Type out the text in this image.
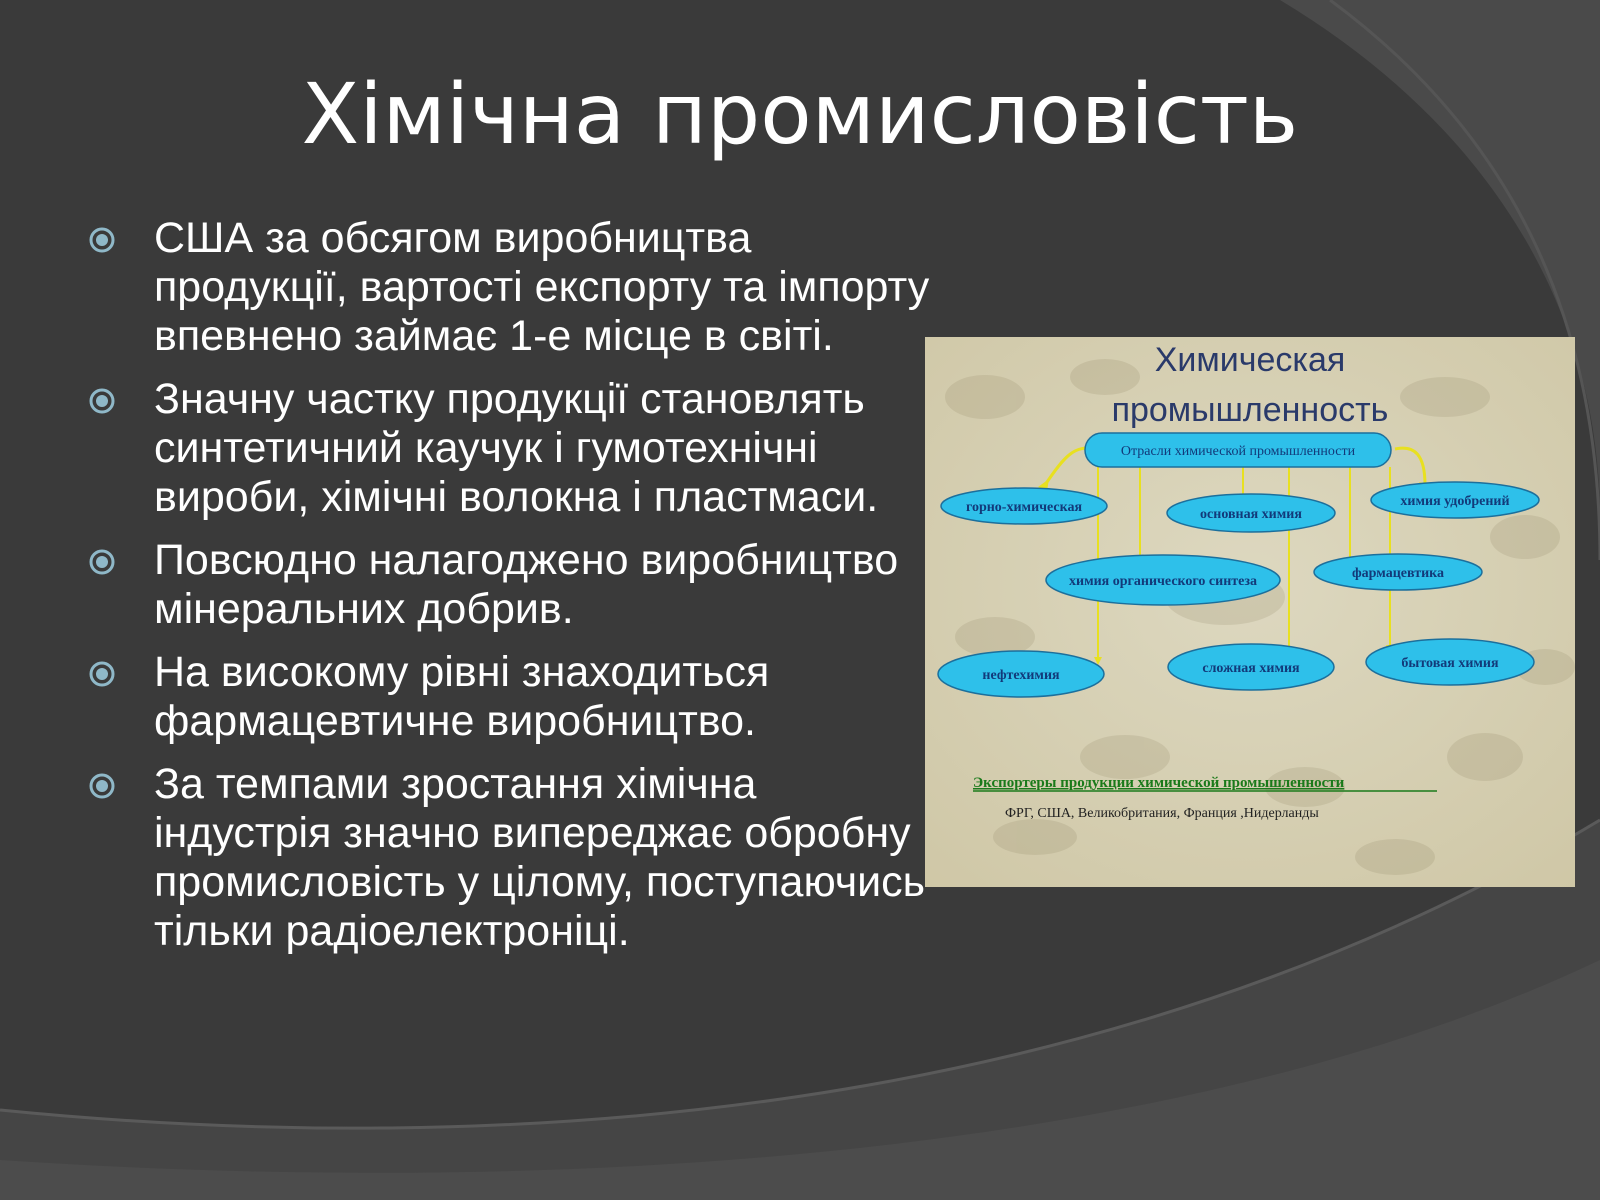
Хімічна промисловість
США за обсягом виробництва продукції, вартості експорту та імпорту впевнено займає 1-е місце в світі.
Значну частку продукції становлять синтетичний каучук і гумотехнічні вироби, хімічні волокна і пластмаси.
Повсюдно налагоджено виробництво мінеральних добрив.
На високому рівні знаходиться фармацевтичне виробництво.
За темпами зростання хімічна індустрія значно випереджає обробну промисловість у цілому, поступаючись тільки радіоелектроніці.
Химическая
промышленность
Отрасли химической промышленности
горно-химическая	основная химия
химия удобрений
химия органического синтеза
фармацевтика
нефтехимия	сложная химия	бытовая химия
Экспортеры продукции химической промышленности
ФРГ, США, Великобритания, Франция ,Нидерланды
